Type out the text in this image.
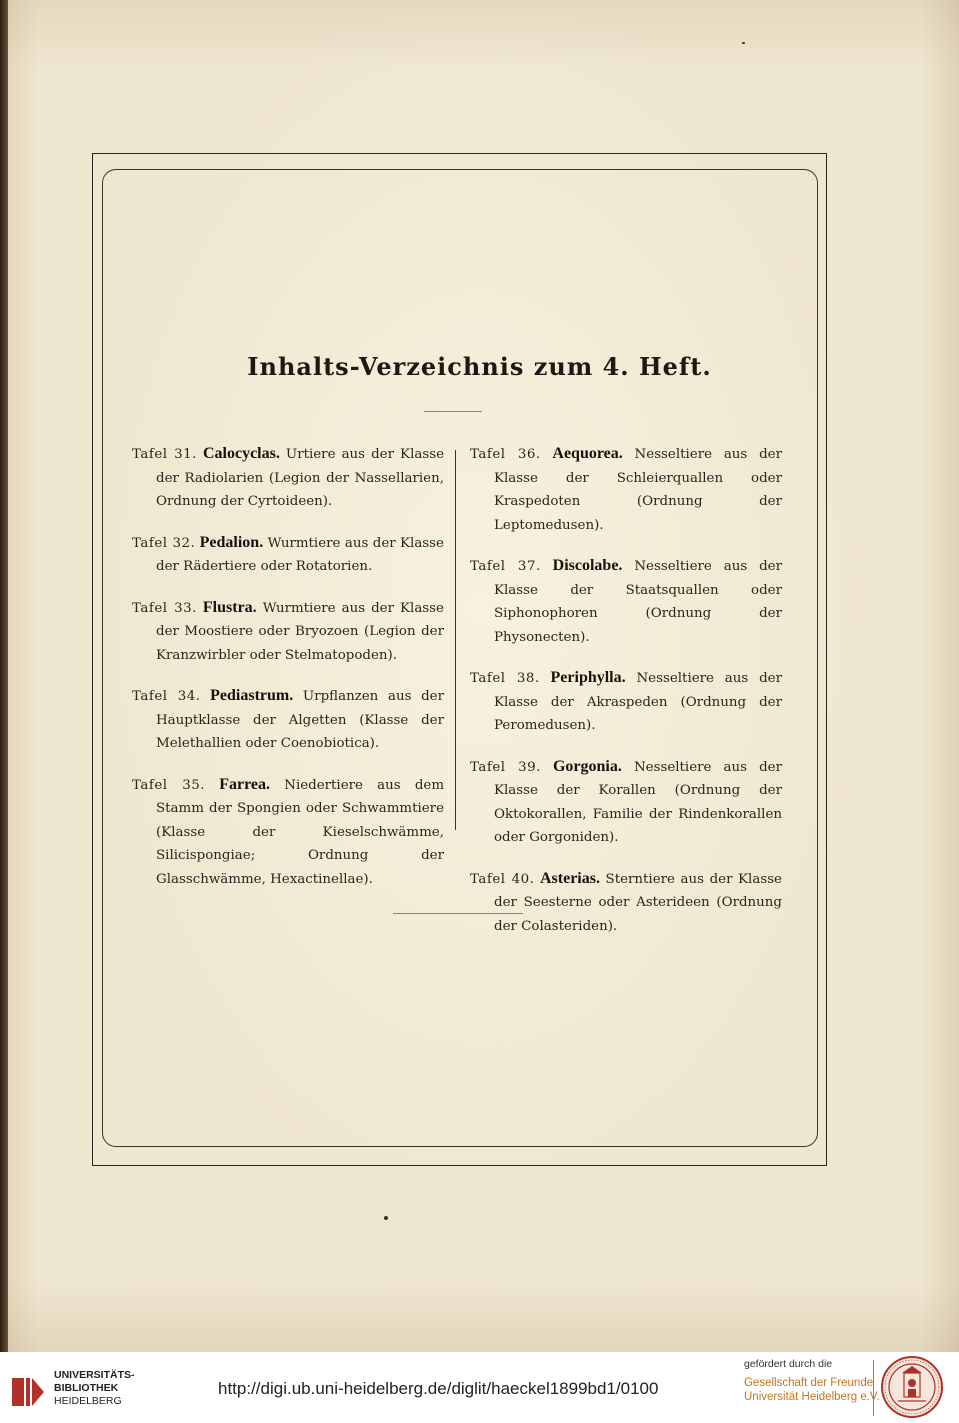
Inhalts-Verzeichnis zum 4. Heft.

Tafel 31. Calocyclas. Urtiere aus der Klasse der Radiolarien (Legion der Nassellarien, Ordnung der Cyrtoideen).

Tafel 32. Pedalion. Wurmtiere aus der Klasse der Rädertiere oder Rotatorien.

Tafel 33. Flustra. Wurmtiere aus der Klasse der Moostiere oder Bryozoen (Legion der Kranzwirbler oder Stelmatopoden).

Tafel 34. Pediastrum. Urpflanzen aus der Hauptklasse der Algetten (Klasse der Melethallien oder Coenobiotica).

Tafel 35. Farrea. Niedertiere aus dem Stamm der Spongien oder Schwammtiere (Klasse der Kieselschwämme, Silicispongiae; Ordnung der Glasschwämme, Hexactinellae).

Tafel 36. Aequorea. Nesseltiere aus der Klasse der Schleierquallen oder Kraspedoten (Ordnung der Leptomedusen).

Tafel 37. Discolabe. Nesseltiere aus der Klasse der Staatsquallen oder Siphonophoren (Ordnung der Physonecten).

Tafel 38. Periphylla. Nesseltiere aus der Klasse der Akraspeden (Ordnung der Peromedusen).

Tafel 39. Gorgonia. Nesseltiere aus der Klasse der Korallen (Ordnung der Oktokorallen, Familie der Rindenkorallen oder Gorgoniden).

Tafel 40. Asterias. Sterntiere aus der Klasse der Seesterne oder Asterideen (Ordnung der Colasteriden).

UNIVERSITÄTS-
BIBLIOTHEK
HEIDELBERG
http://digi.ub.uni-heidelberg.de/diglit/haeckel1899bd1/0100
gefördert durch die
Gesellschaft der Freunde
Universität Heidelberg e.V.
